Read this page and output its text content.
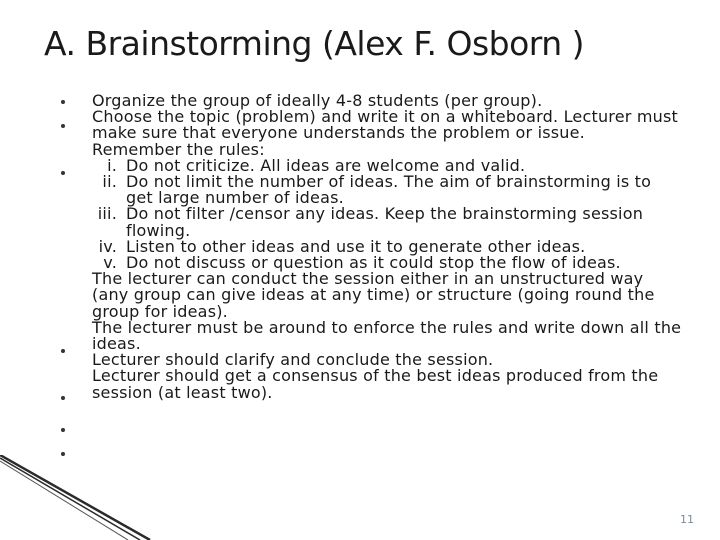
A. Brainstorming (Alex F. Osborn )

Organize the group of ideally 4-8 students (per group).

Choose the topic (problem) and write it on a whiteboard. Lecturer must make sure that everyone understands the problem or issue.

Remember the rules:

i. Do not criticize. All ideas are welcome and valid.
ii. Do not limit the number of ideas. The aim of brainstorming is to get large number of ideas.
iii. Do not filter /censor any ideas. Keep the brainstorming session flowing.
iv. Listen to other ideas and use it to generate other ideas.
v. Do not discuss or question as it could stop the flow of ideas.

The lecturer can conduct the session either in an unstructured way (any group can give ideas at any time) or structure (going round the group for ideas).

The lecturer must be around to enforce the rules and write down all the ideas.

Lecturer should clarify and conclude the session.

Lecturer should get a consensus of the best ideas produced from the session (at least two).

11
